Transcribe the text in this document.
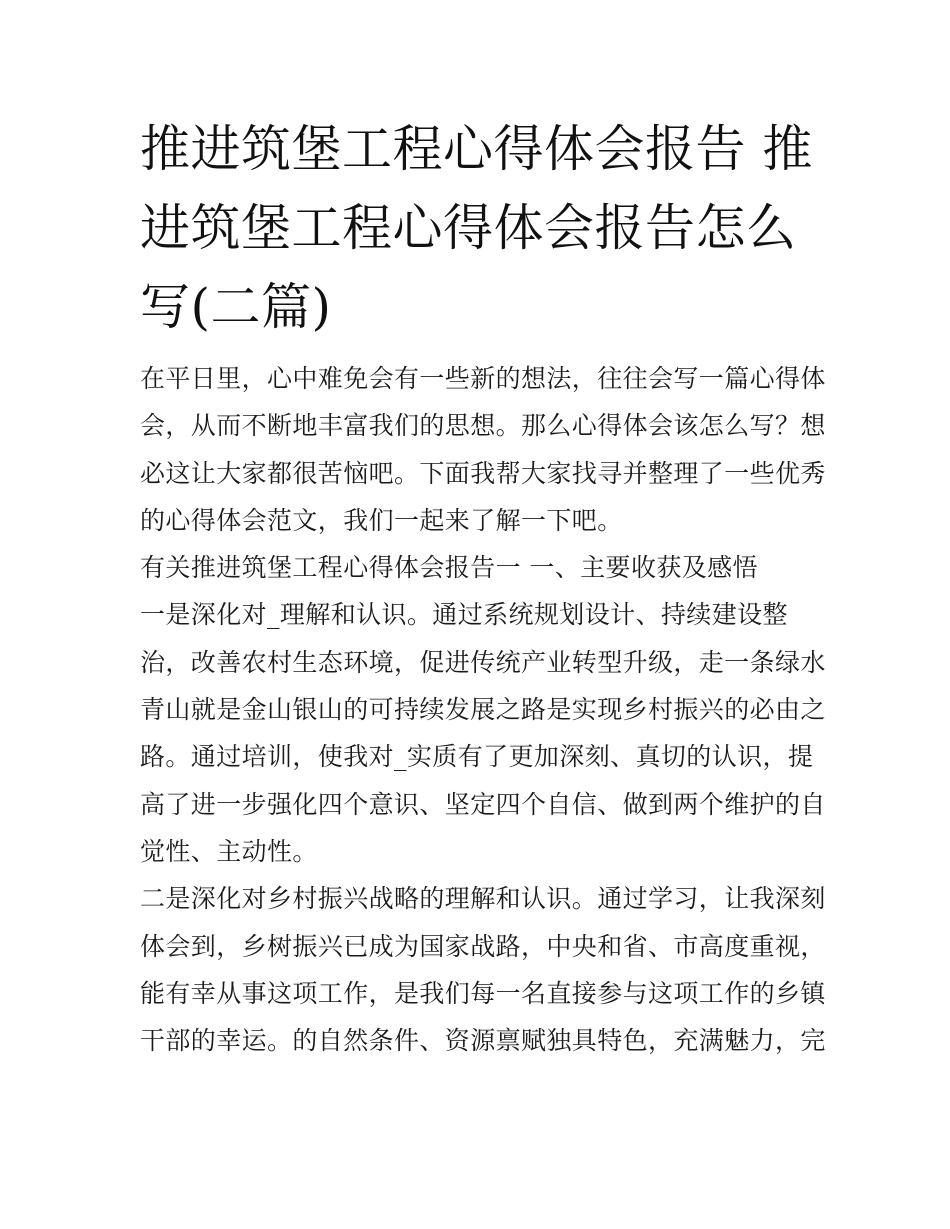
推进筑堡工程心得体会报告 推
进筑堡工程心得体会报告怎么
写(二篇)

在平日里，心中难免会有一些新的想法，往往会写一篇心得体
会，从而不断地丰富我们的思想。那么心得体会该怎么写？想
必这让大家都很苦恼吧。下面我帮大家找寻并整理了一些优秀
的心得体会范文，我们一起来了解一下吧。

有关推进筑堡工程心得体会报告一 一、主要收获及感悟

一是深化对_理解和认识。通过系统规划设计、持续建设整
治，改善农村生态环境，促进传统产业转型升级，走一条绿水
青山就是金山银山的可持续发展之路是实现乡村振兴的必由之
路。通过培训，使我对_实质有了更加深刻、真切的认识，提
高了进一步强化四个意识、坚定四个自信、做到两个维护的自
觉性、主动性。

二是深化对乡村振兴战略的理解和认识。通过学习，让我深刻
体会到，乡树振兴已成为国家战路，中央和省、市高度重视，
能有幸从事这项工作，是我们每一名直接参与这项工作的乡镇
干部的幸运。的自然条件、资源禀赋独具特色，充满魅力，完
